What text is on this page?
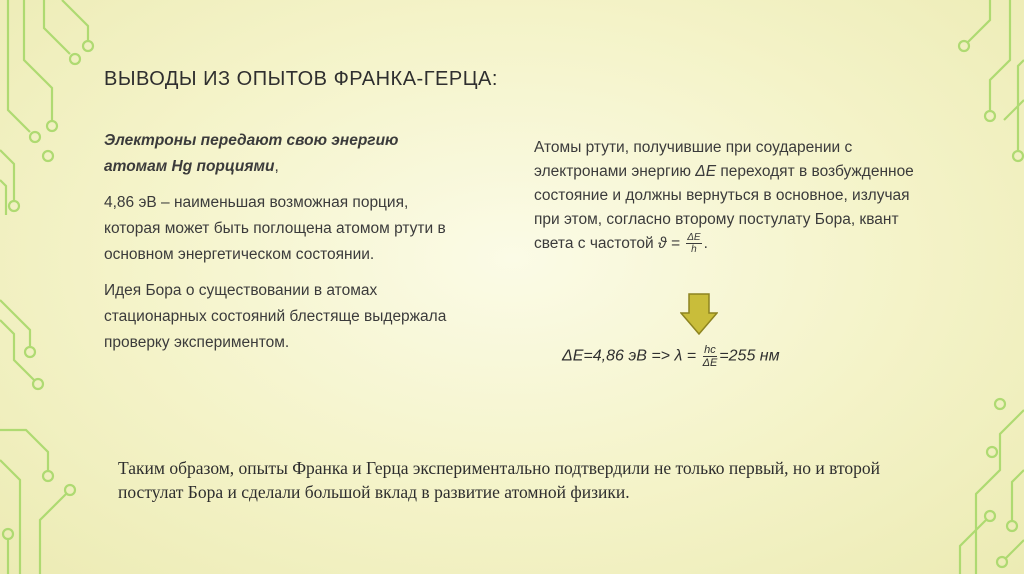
ВЫВОДЫ ИЗ ОПЫТОВ ФРАНКА-ГЕРЦА:

Электроны передают свою энергию атомам Hg порциями,

4,86 эВ – наименьшая возможная порция, которая может быть поглощена атомом ртути в основном энергетическом состоянии.

Идея Бора о существовании в атомах стационарных состояний блестяще выдержала проверку экспериментом.

Атомы ртути, получившие при соударении с электронами энергию ΔE переходят в возбужденное состояние и должны вернуться в основное, излучая при этом, согласно второму постулату Бора, квант света с частотой $ϑ = \frac{\Delta E}{h}$ .

ΔE=4,86 эВ => $\lambda = \frac{hc}{\Delta E} =255$ нм
Таким образом, опыты Франка и Герца экспериментально подтвердили не только первый, но и второй постулат Бора и сделали большой вклад в развитие атомной физики.
